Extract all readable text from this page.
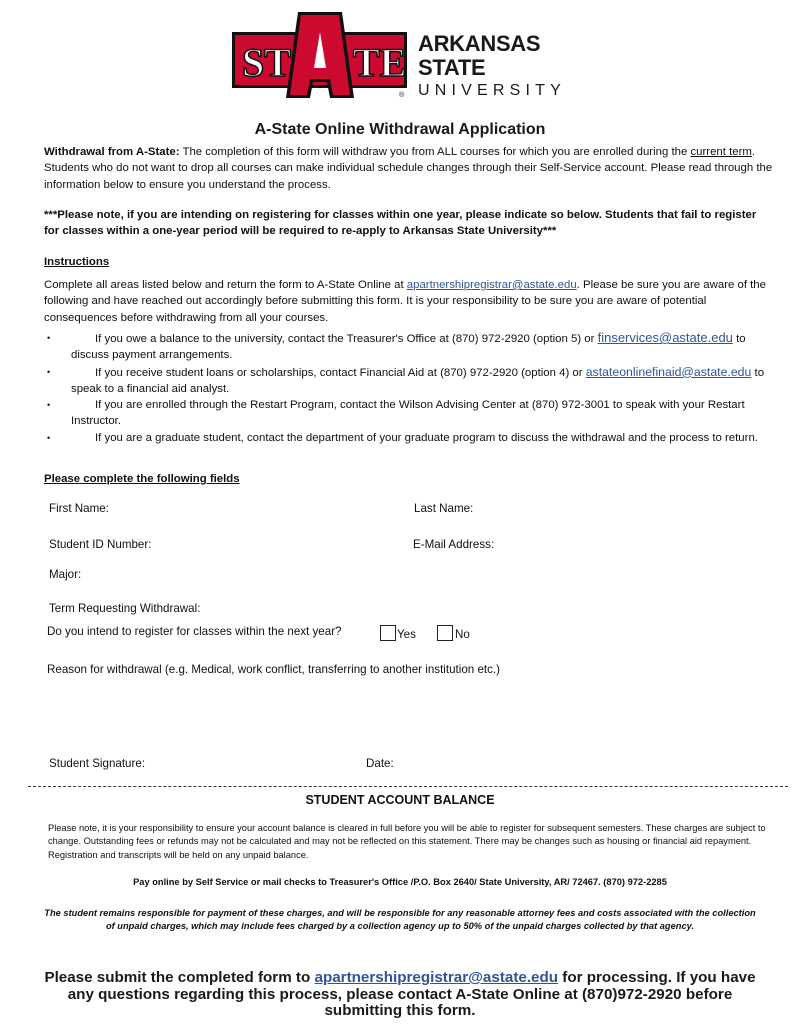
ST TE
®
ARKANSAS STATE
UNIVERSITY
A-State Online Withdrawal Application
Withdrawal from A-State: The completion of this form will withdraw you from ALL courses for which you are enrolled during the current term. Students who do not want to drop all courses can make individual schedule changes through their Self-Service account. Please read through the information below to ensure you understand the process.
***Please note, if you are intending on registering for classes within one year, please indicate so below. Students that fail to register for classes within a one-year period will be required to re-apply to Arkansas State University***
Instructions
Complete all areas listed below and return the form to A-State Online at apartnershipregistrar@astate.edu. Please be sure you are aware of the following and have reached out accordingly before submitting this form. It is your responsibility to be sure you are aware of potential consequences before withdrawing from all your courses.

•	If you owe a balance to the university, contact the Treasurer's Office at (870) 972-2920 (option 5) or finservices@astate.edu to discuss payment arrangements.

•	If you receive student loans or scholarships, contact Financial Aid at (870) 972-2920 (option 4) or astateonlinefinaid@astate.edu to speak to a financial aid analyst.

•	If you are enrolled through the Restart Program, contact the Wilson Advising Center at (870) 972-3001 to speak with your Restart Instructor.

•	If you are a graduate student, contact the department of your graduate program to discuss the withdrawal and the process to return.

Please complete the following fields
First Name:	Last Name:
Student ID Number:	E-Mail Address:
Major:
Term Requesting Withdrawal:
Do you intend to register for classes within the next year?	Yes	No
Reason for withdrawal (e.g. Medical, work conflict, transferring to another institution etc.)
Student Signature:	Date:
STUDENT ACCOUNT BALANCE
Please note, it is your responsibility to ensure your account balance is cleared in full before you will be able to register for subsequent semesters. These charges are subject to change. Outstanding fees or refunds may not be calculated and may not be reflected on this statement. There may be changes such as housing or financial aid repayment. Registration and transcripts will be held on any unpaid balance.
Pay online by Self Service or mail checks to Treasurer's Office /P.O. Box 2640/ State University, AR/ 72467. (870) 972-2285
The student remains responsible for payment of these charges, and will be responsible for any reasonable attorney fees and costs associated with the collection of unpaid charges, which may include fees charged by a collection agency up to 50% of the unpaid charges collected by that agency.
Please submit the completed form to apartnershipregistrar@astate.edu for processing. If you have any questions regarding this process, please contact A-State Online at (870)972-2920 before submitting this form.
